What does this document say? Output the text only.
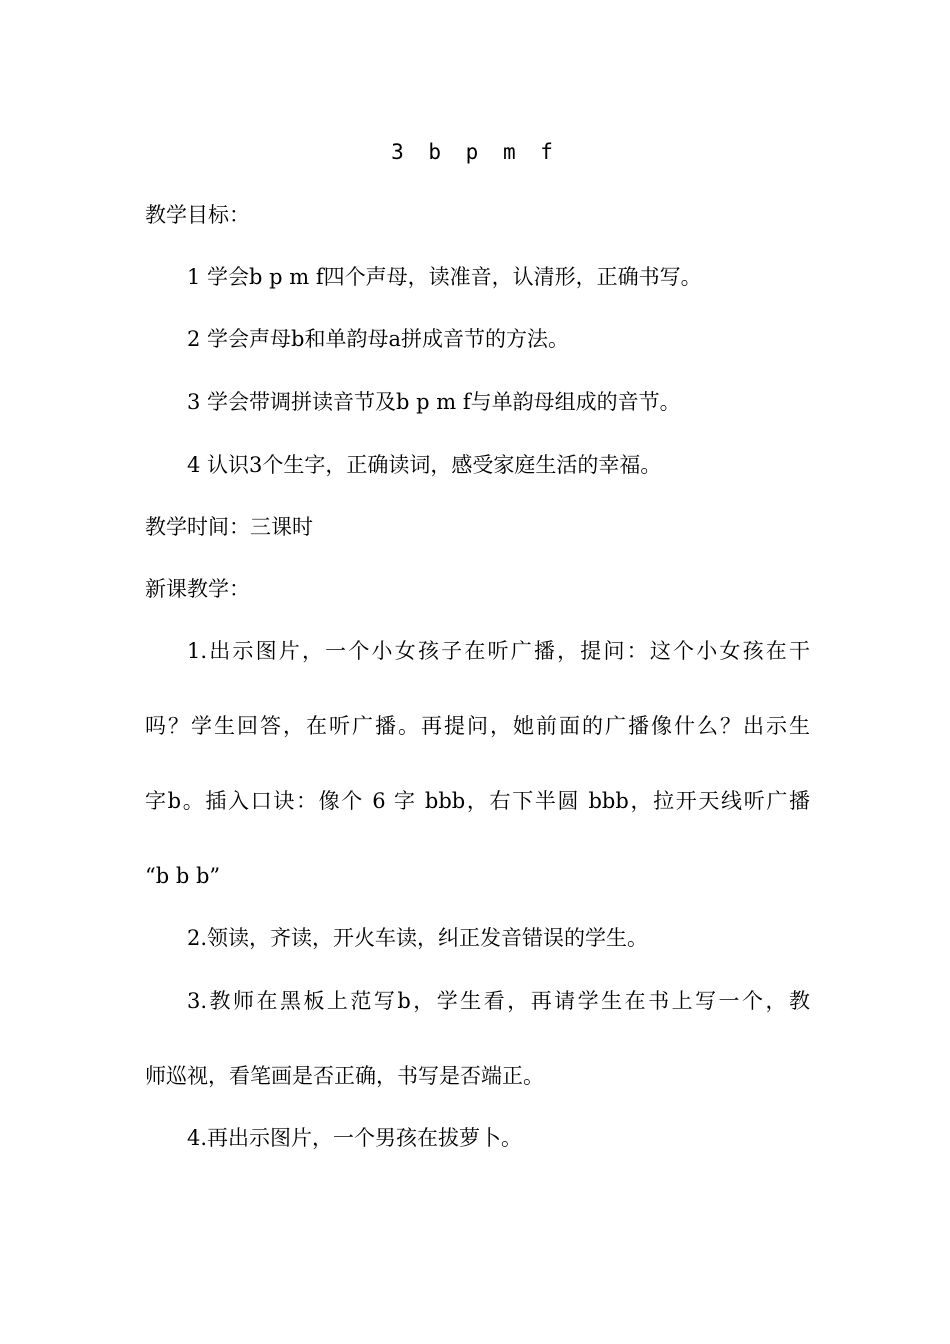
3 b p m f
教学目标：
1 学会b p m f四个声母，读准音，认清形，正确书写。
2 学会声母b和单韵母a拼成音节的方法。
3 学会带调拼读音节及b p m f与单韵母组成的音节。
4 认识3个生字，正确读词，感受家庭生活的幸福。
教学时间：三课时
新课教学：
1.出示图片，一个小女孩子在听广播，提问：这个小女孩在干
吗？学生回答，在听广播。再提问，她前面的广播像什么？出示生
字b。插入口诀：像个 6 字 bbb，右下半圆 bbb，拉开天线听广播
“b b b”
2.领读，齐读，开火车读，纠正发音错误的学生。
3.教师在黑板上范写b，学生看，再请学生在书上写一个，教
师巡视，看笔画是否正确，书写是否端正。
4.再出示图片，一个男孩在拔萝卜。
